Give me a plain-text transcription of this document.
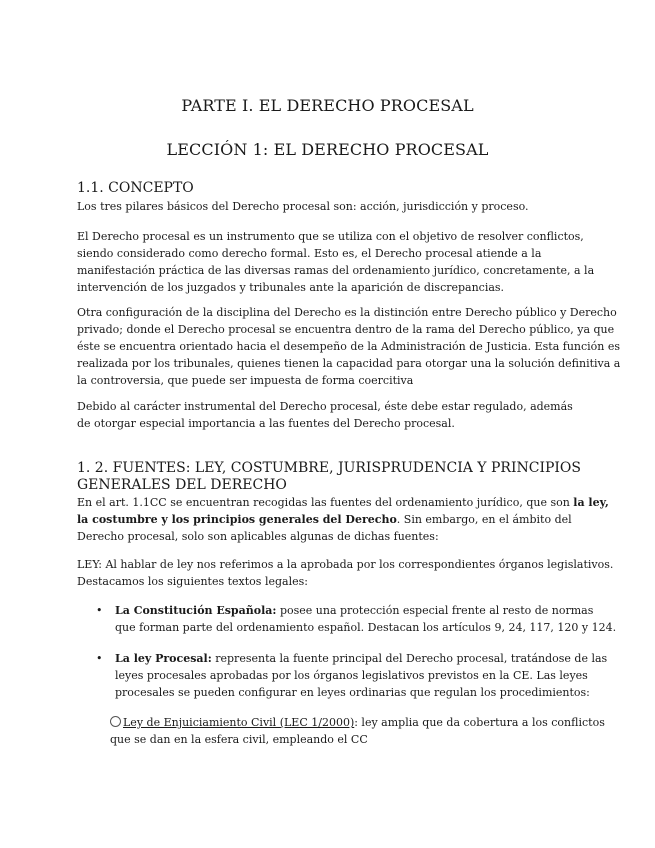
PARTE I. EL DERECHO PROCESAL
LECCIÓN 1: EL DERECHO PROCESAL
1.1. CONCEPTO
Los tres pilares básicos del Derecho procesal son: acción, jurisdicción y proceso.
El Derecho procesal es un instrumento que se utiliza con el objetivo de resolver conflictos,
siendo considerado como derecho formal. Esto es, el Derecho procesal atiende a la
manifestación práctica de las diversas ramas del ordenamiento jurídico, concretamente, a la
intervención de los juzgados y tribunales ante la aparición de discrepancias.
Otra configuración de la disciplina del Derecho es la distinción entre Derecho público y Derecho
privado; donde el Derecho procesal se encuentra dentro de la rama del Derecho público, ya que
éste se encuentra orientado hacia el desempeño de la Administración de Justicia. Esta función es
realizada por los tribunales, quienes tienen la capacidad para otorgar una la solución definitiva a
la controversia, que puede ser impuesta de forma coercitiva
Debido al carácter instrumental del Derecho procesal, éste debe estar regulado, además
de otorgar especial importancia a las fuentes del Derecho procesal.
1. 2. FUENTES: LEY, COSTUMBRE, JURISPRUDENCIA Y PRINCIPIOS
GENERALES DEL DERECHO
En el art. 1.1CC se encuentran recogidas las fuentes del ordenamiento jurídico, que son la ley,
la costumbre y los principios generales del Derecho. Sin embargo, en el ámbito del
Derecho procesal, solo son aplicables algunas de dichas fuentes:
LEY: Al hablar de ley nos referimos a la aprobada por los correspondientes órganos legislativos.
Destacamos los siguientes textos legales:
• La Constitución Española: posee una protección especial frente al resto de normas
que forman parte del ordenamiento español. Destacan los artículos 9, 24, 117, 120 y 124.
• La ley Procesal: representa la fuente principal del Derecho procesal, tratándose de las
leyes procesales aprobadas por los órganos legislativos previstos en la CE. Las leyes
procesales se pueden configurar en leyes ordinarias que regulan los procedimientos:
Ley de Enjuiciamiento Civil (LEC 1/2000): ley amplia que da cobertura a los conflictos
que se dan en la esfera civil, empleando el CC
